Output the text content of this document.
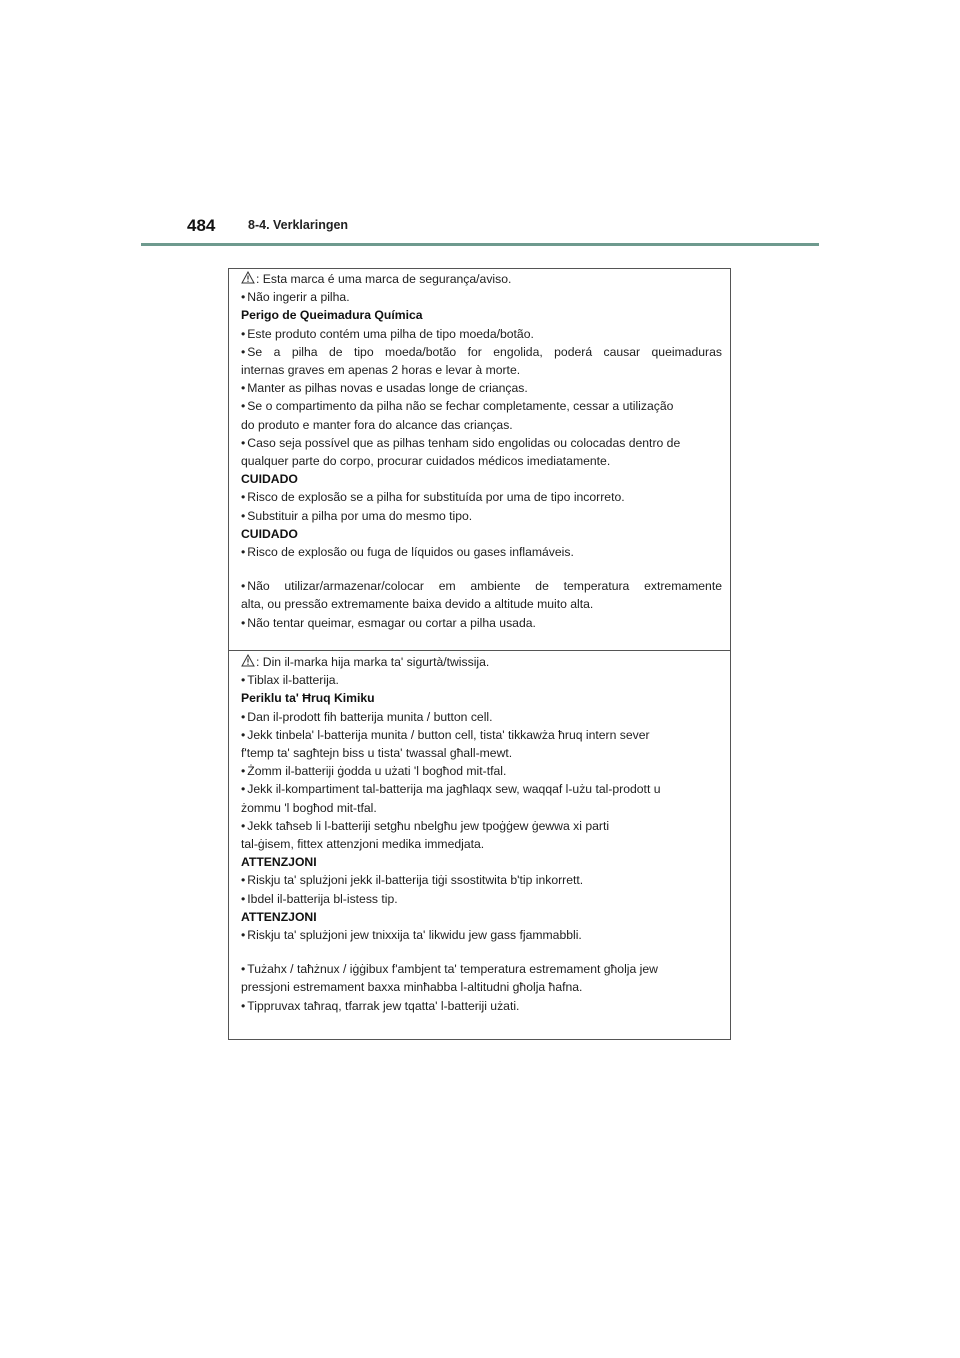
484	8-4. Verklaringen
: Esta marca é uma marca de segurança/aviso.
• Não ingerir a pilha.
Perigo de Queimadura Química
• Este produto contém uma pilha de tipo moeda/botão.
• Se a pilha de tipo moeda/botão for engolida, poderá causar queimaduras
internas graves em apenas 2 horas e levar à morte.
• Manter as pilhas novas e usadas longe de crianças.
• Se o compartimento da pilha não se fechar completamente, cessar a utilização
do produto e manter fora do alcance das crianças.
• Caso seja possível que as pilhas tenham sido engolidas ou colocadas dentro de
qualquer parte do corpo, procurar cuidados médicos imediatamente.
CUIDADO
• Risco de explosão se a pilha for substituída por uma de tipo incorreto.
• Substituir a pilha por uma do mesmo tipo.
CUIDADO
• Risco de explosão ou fuga de líquidos ou gases inflamáveis.
• Não utilizar/armazenar/colocar em ambiente de temperatura extremamente
alta, ou pressão extremamente baixa devido a altitude muito alta.
• Não tentar queimar, esmagar ou cortar a pilha usada.
: Din il-marka hija marka ta' sigurtà/twissija.
• Tiblax il-batterija.
Periklu ta' Ħruq Kimiku
• Dan il-prodott fih batterija munita / button cell.
• Jekk tinbela' l-batterija munita / button cell, tista' tikkawża ħruq intern sever
f'temp ta' sagħtejn biss u tista' twassal għall-mewt.
• Żomm il-batteriji ġodda u użati 'l bogħod mit-tfal.
• Jekk il-kompartiment tal-batterija ma jagħlaqx sew, waqqaf l-użu tal-prodott u
żommu 'l bogħod mit-tfal.
• Jekk taħseb li l-batteriji setgħu nbelgħu jew tpoġġew ġewwa xi parti
tal-ġisem, fittex attenzjoni medika immedjata.
ATTENZJONI
• Riskju ta' splużjoni jekk il-batterija tiġi ssostitwita b'tip inkorrett.
• Ibdel il-batterija bl-istess tip.
ATTENZJONI
• Riskju ta' splużjoni jew tnixxija ta' likwidu jew gass fjammabbli.
• Tużahx / taħżnux / iġġibux f'ambjent ta' temperatura estremament għolja jew
pressjoni estremament baxxa minħabba l-altitudni għolja ħafna.
• Tippruvax taħraq, tfarrak jew tqatta' l-batteriji użati.
